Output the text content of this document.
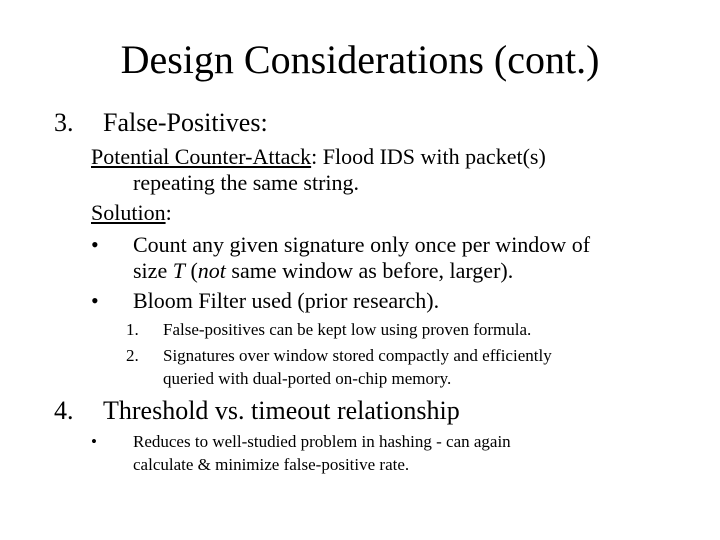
Design Considerations (cont.)
3. False-Positives:
Potential Counter-Attack: Flood IDS with packet(s)
repeating the same string.
Solution:
• Count any given signature only once per window of
size T (not same window as before, larger).
• Bloom Filter used (prior research).
1. False-positives can be kept low using proven formula.
2. Signatures over window stored compactly and efficiently
queried with dual-ported on-chip memory.
4. Threshold vs. timeout relationship
• Reduces to well-studied problem in hashing - can again
calculate & minimize false-positive rate.
